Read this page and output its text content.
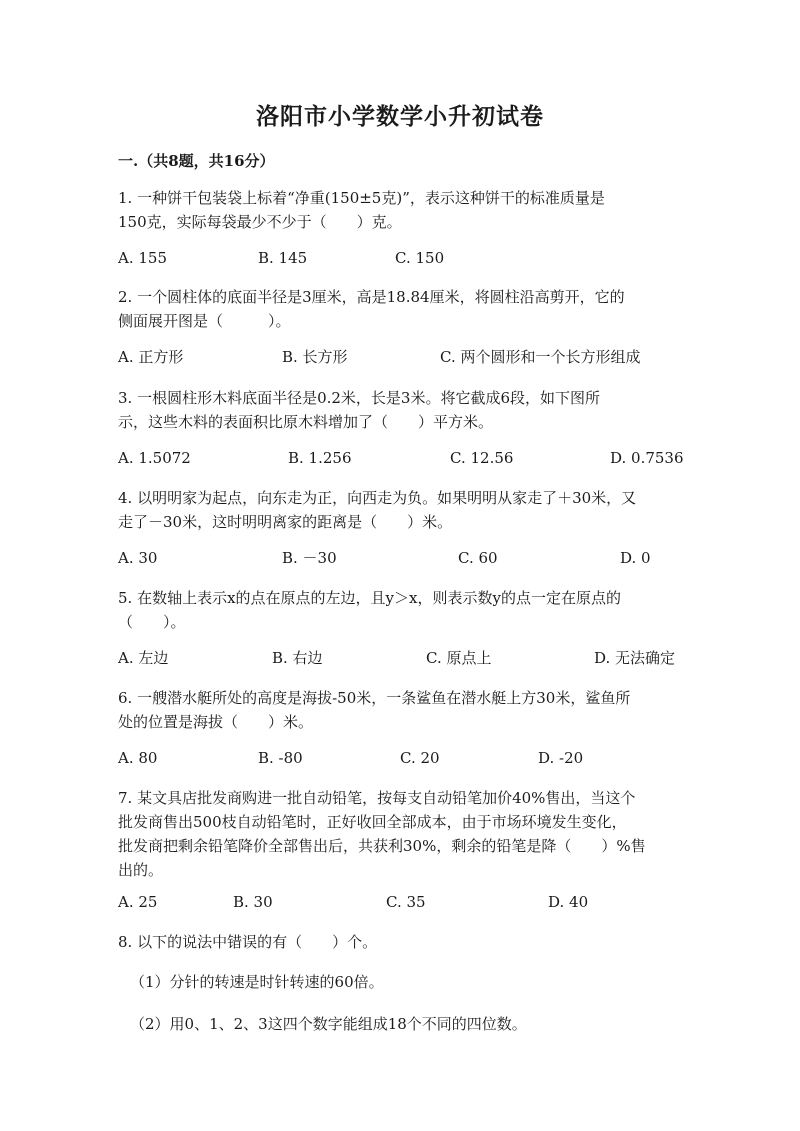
洛阳市小学数学小升初试卷
一.（共8题，共16分）
1. 一种饼干包装袋上标着“净重(150±5克)”，表示这种饼干的标准质量是
150克，实际每袋最少不少于（　　）克。
A. 155	B. 145	C. 150
2. 一个圆柱体的底面半径是3厘米，高是18.84厘米，将圆柱沿高剪开，它的
侧面展开图是（　　　）。
A. 正方形	B. 长方形	C. 两个圆形和一个长方形组成
3. 一根圆柱形木料底面半径是0.2米，长是3米。将它截成6段，如下图所
示，这些木料的表面积比原木料增加了（　　）平方米。
A. 1.5072	B. 1.256	C. 12.56	D. 0.7536
4. 以明明家为起点，向东走为正，向西走为负。如果明明从家走了＋30米，又
走了－30米，这时明明离家的距离是（　　）米。
A. 30	B. －30	C. 60	D. 0
5. 在数轴上表示x的点在原点的左边，且y＞x，则表示数y的点一定在原点的
（　　）。
A. 左边	B. 右边	C. 原点上	D. 无法确定
6. 一艘潜水艇所处的高度是海拔-50米，一条鲨鱼在潜水艇上方30米，鲨鱼所
处的位置是海拔（　　）米。
A. 80	B. -80	C. 20	D. -20
7. 某文具店批发商购进一批自动铅笔，按每支自动铅笔加价40%售出，当这个
批发商售出500枝自动铅笔时，正好收回全部成本，由于市场环境发生变化，
批发商把剩余铅笔降价全部售出后，共获利30%，剩余的铅笔是降（　　）%售
出的。
A. 25	B. 30	C. 35	D. 40
8. 以下的说法中错误的有（　　）个。
（1）分针的转速是时针转速的60倍。
（2）用0、1、2、3这四个数字能组成18个不同的四位数。
